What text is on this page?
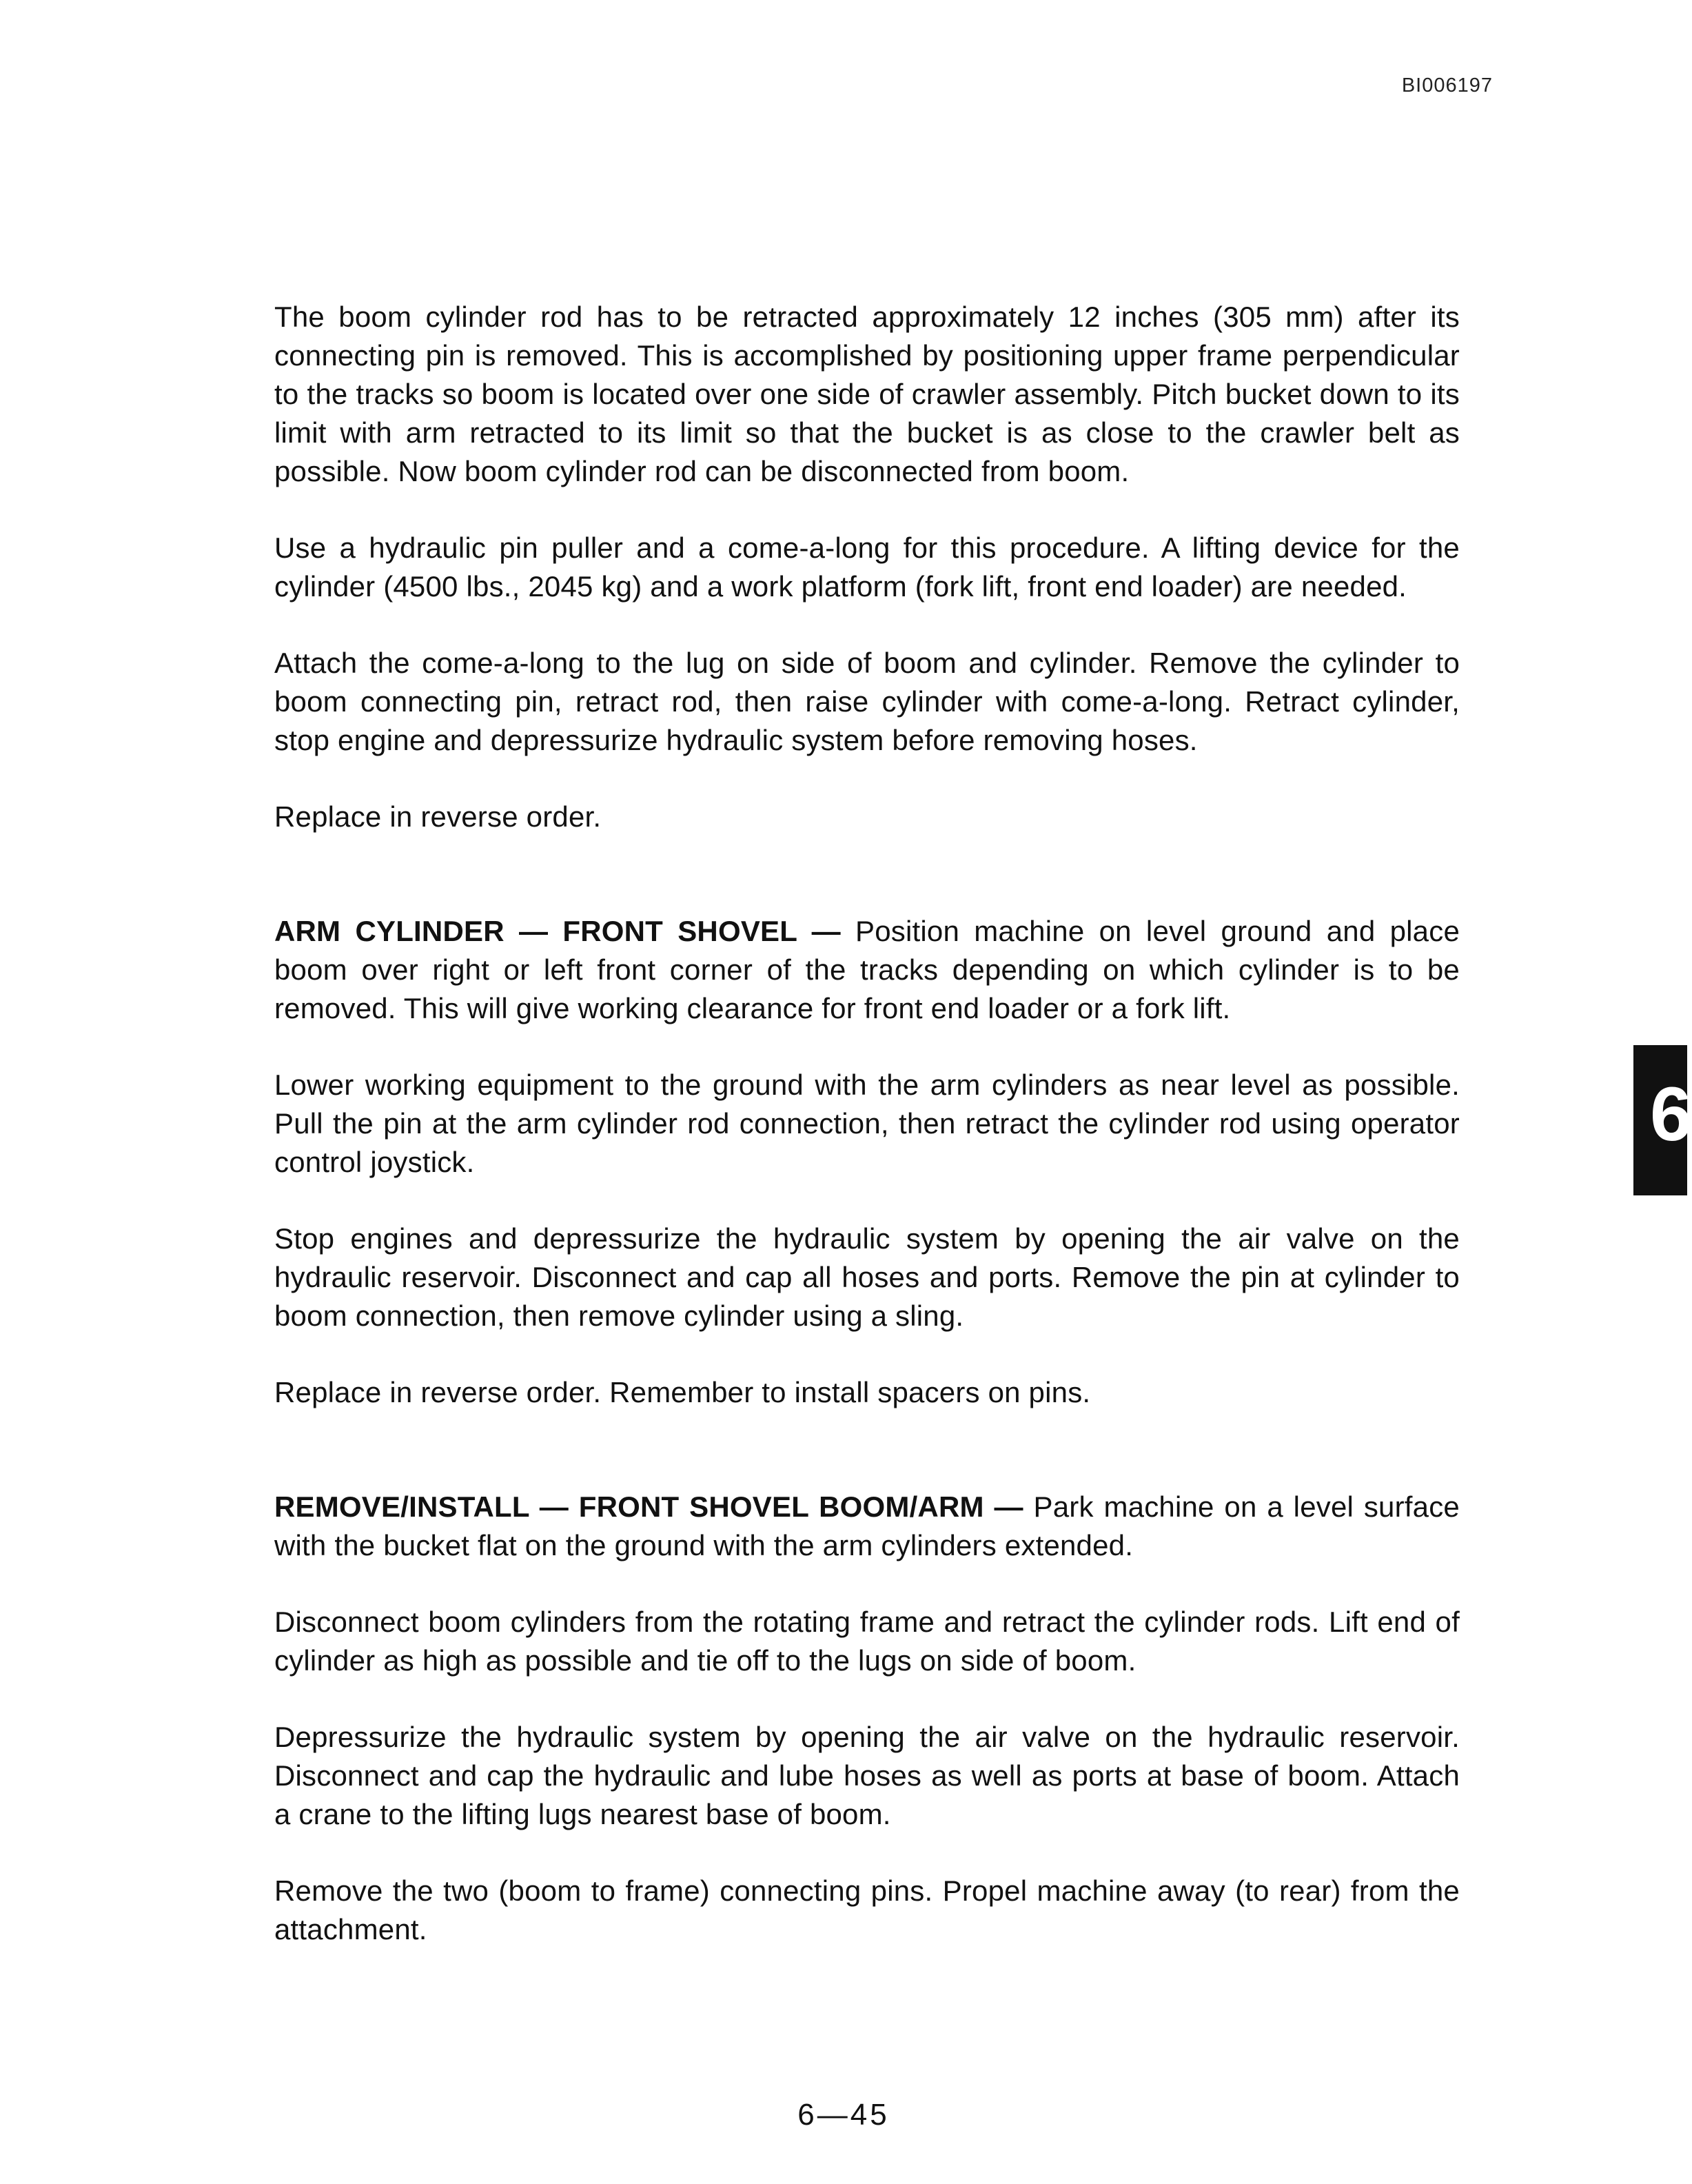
BI006197

The boom cylinder rod has to be retracted approximately 12 inches (305 mm) after its connecting pin is removed. This is accomplished by positioning upper frame perpendicular to the tracks so boom is located over one side of crawler assembly. Pitch bucket down to its limit with arm retracted to its limit so that the bucket is as close to the crawler belt as possible. Now boom cylinder rod can be disconnected from boom.

Use a hydraulic pin puller and a come-a-long for this procedure. A lifting device for the cylinder (4500 lbs., 2045 kg) and a work platform (fork lift, front end loader) are needed.

Attach the come-a-long to the lug on side of boom and cylinder. Remove the cylinder to boom connecting pin, retract rod, then raise cylinder with come-a-long. Retract cylinder, stop engine and depressurize hydraulic system before removing hoses.

Replace in reverse order.

ARM CYLINDER — FRONT SHOVEL — Position machine on level ground and place boom over right or left front corner of the tracks depending on which cylinder is to be removed. This will give working clearance for front end loader or a fork lift.

Lower working equipment to the ground with the arm cylinders as near level as possible. Pull the pin at the arm cylinder rod connection, then retract the cylinder rod using operator control joystick.

Stop engines and depressurize the hydraulic system by opening the air valve on the hydraulic reservoir. Disconnect and cap all hoses and ports. Remove the pin at cylinder to boom connection, then remove cylinder using a sling.

Replace in reverse order. Remember to install spacers on pins.

REMOVE/INSTALL — FRONT SHOVEL BOOM/ARM — Park machine on a level surface with the bucket flat on the ground with the arm cylinders extended.

Disconnect boom cylinders from the rotating frame and retract the cylinder rods. Lift end of cylinder as high as possible and tie off to the lugs on side of boom.

Depressurize the hydraulic system by opening the air valve on the hydraulic reservoir. Disconnect and cap the hydraulic and lube hoses as well as ports at base of boom. Attach a crane to the lifting lugs nearest base of boom.

Remove the two (boom to frame) connecting pins. Propel machine away (to rear) from the attachment.

6
6—45
